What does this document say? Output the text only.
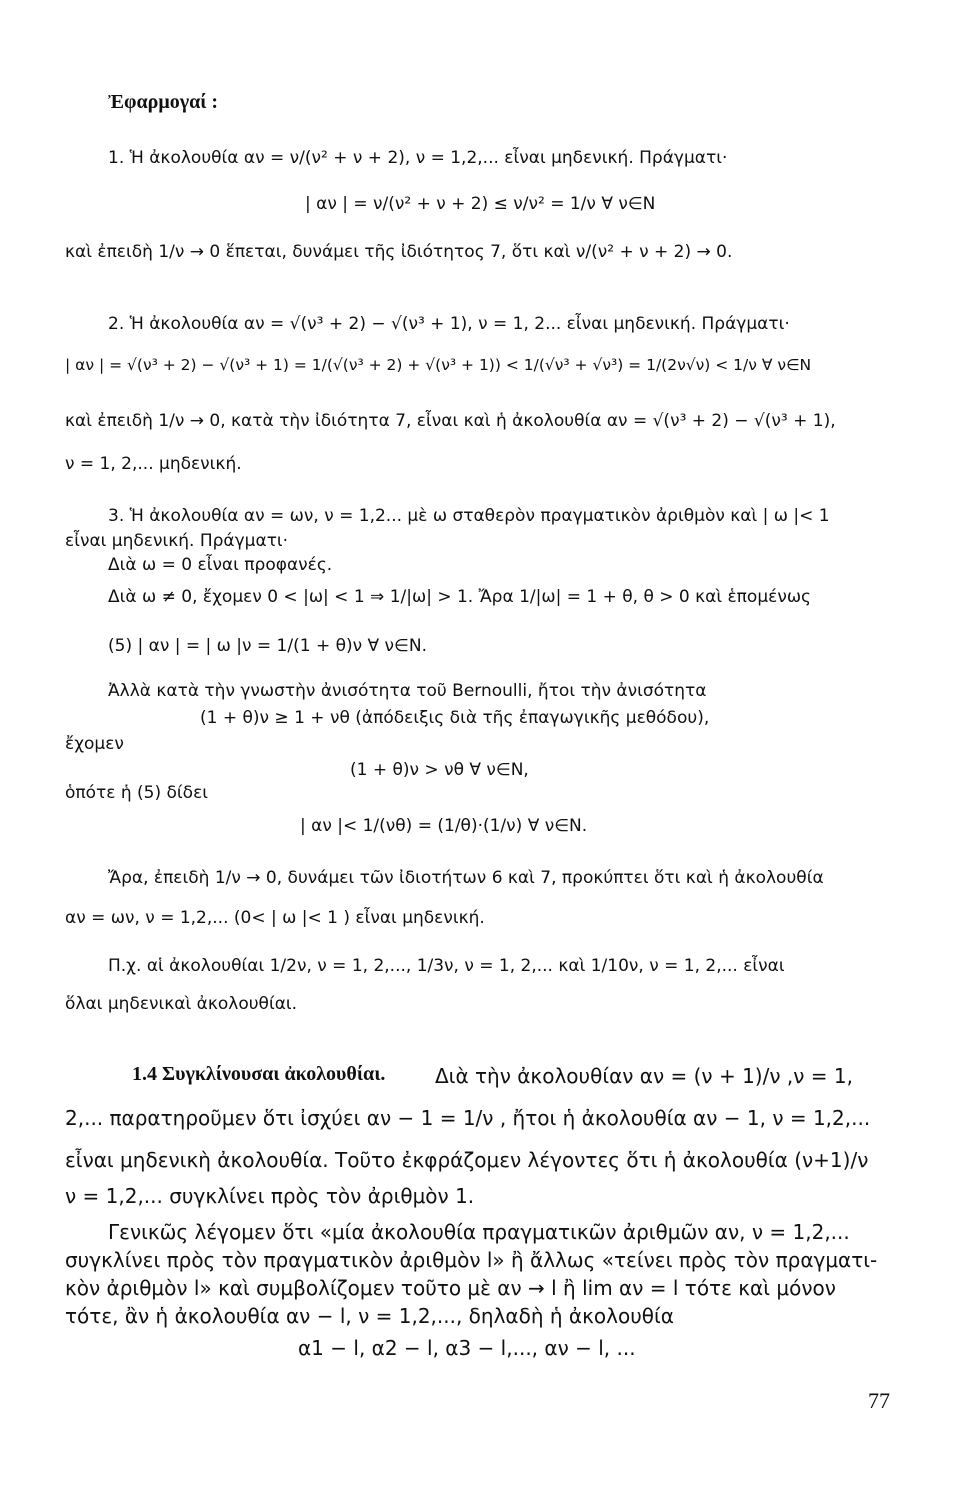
Ἐφαρμογαί :
1. Ἡ ἀκολουθία αν = ν/(ν² + ν + 2), ν = 1,2,... εἶναι μηδενική. Πράγματι·
| αν | = ν/(ν² + ν + 2) ≤ ν/ν² = 1/ν ∀ ν∈N
καὶ ἐπειδὴ 1/ν → 0 ἕπεται, δυνάμει τῆς ἰδιότητος 7, ὅτι καὶ ν/(ν² + ν + 2) → 0.
2. Ἡ ἀκολουθία αν = √(ν³ + 2) − √(ν³ + 1), ν = 1, 2... εἶναι μηδενική. Πράγματι·
| αν | = √(ν³ + 2) − √(ν³ + 1) = 1/(√(ν³ + 2) + √(ν³ + 1)) < 1/(√ν³ + √ν³) = 1/(2ν√ν) < 1/ν ∀ ν∈N
καὶ ἐπειδὴ 1/ν → 0, κατὰ τὴν ἰδιότητα 7, εἶναι καὶ ἡ ἀκολουθία αν = √(ν³ + 2) − √(ν³ + 1),
ν = 1, 2,... μηδενική.
3. Ἡ ἀκολουθία αν = ων, ν = 1,2... μὲ ω σταθερὸν πραγματικὸν ἀριθμὸν καὶ | ω |< 1
εἶναι μηδενική. Πράγματι·
Διὰ ω = 0 εἶναι προφανές.
Διὰ ω ≠ 0, ἔχομεν 0 < |ω| < 1 ⇒ 1/|ω| > 1. Ἄρα 1/|ω| = 1 + θ, θ > 0 καὶ ἑπομένως
(5) | αν | = | ω |ν = 1/(1 + θ)ν ∀ ν∈N.
Ἀλλὰ κατὰ τὴν γνωστὴν ἀνισότητα τοῦ Bernoulli, ἤτοι τὴν ἀνισότητα
(1 + θ)ν ≥ 1 + νθ (ἀπόδειξις διὰ τῆς ἐπαγωγικῆς μεθόδου),
ἔχομεν
(1 + θ)ν > νθ ∀ ν∈N,
ὁπότε ἡ (5) δίδει
| αν |< 1/(νθ) = (1/θ)·(1/ν) ∀ ν∈N.
Ἄρα, ἐπειδὴ 1/ν → 0, δυνάμει τῶν ἰδιοτήτων 6 καὶ 7, προκύπτει ὅτι καὶ ἡ ἀκολουθία
αν = ων, ν = 1,2,... (0< | ω |< 1 ) εἶναι μηδενική.
Π.χ. αἱ ἀκολουθίαι 1/2ν, ν = 1, 2,..., 1/3ν, ν = 1, 2,... καὶ 1/10ν, ν = 1, 2,... εἶναι
ὅλαι μηδενικαὶ ἀκολουθίαι.
1.4 Συγκλίνουσαι ἀκολουθίαι. Διὰ τὴν ἀκολουθίαν αν = (ν + 1)/ν ,ν = 1,
2,... παρατηροῦμεν ὅτι ἰσχύει αν − 1 = 1/ν , ἤτοι ἡ ἀκολουθία αν − 1, ν = 1,2,...
εἶναι μηδενικὴ ἀκολουθία. Τοῦτο ἐκφράζομεν λέγοντες ὅτι ἡ ἀκολουθία (ν+1)/ν
ν = 1,2,... συγκλίνει πρὸς τὸν ἀριθμὸν 1.
Γενικῶς λέγομεν ὅτι «μία ἀκολουθία πραγματικῶν ἀριθμῶν αν, ν = 1,2,...
συγκλίνει πρὸς τὸν πραγματικὸν ἀριθμὸν l» ἢ ἄλλως «τείνει πρὸς τὸν πραγματι-
κὸν ἀριθμὸν l» καὶ συμβολίζομεν τοῦτο μὲ αν → l ἢ lim αν = l τότε καὶ μόνον
τότε, ἂν ἡ ἀκολουθία αν − l, ν = 1,2,..., δηλαδὴ ἡ ἀκολουθία
α1 − l, α2 − l, α3 − l,..., αν − l, ...
77
